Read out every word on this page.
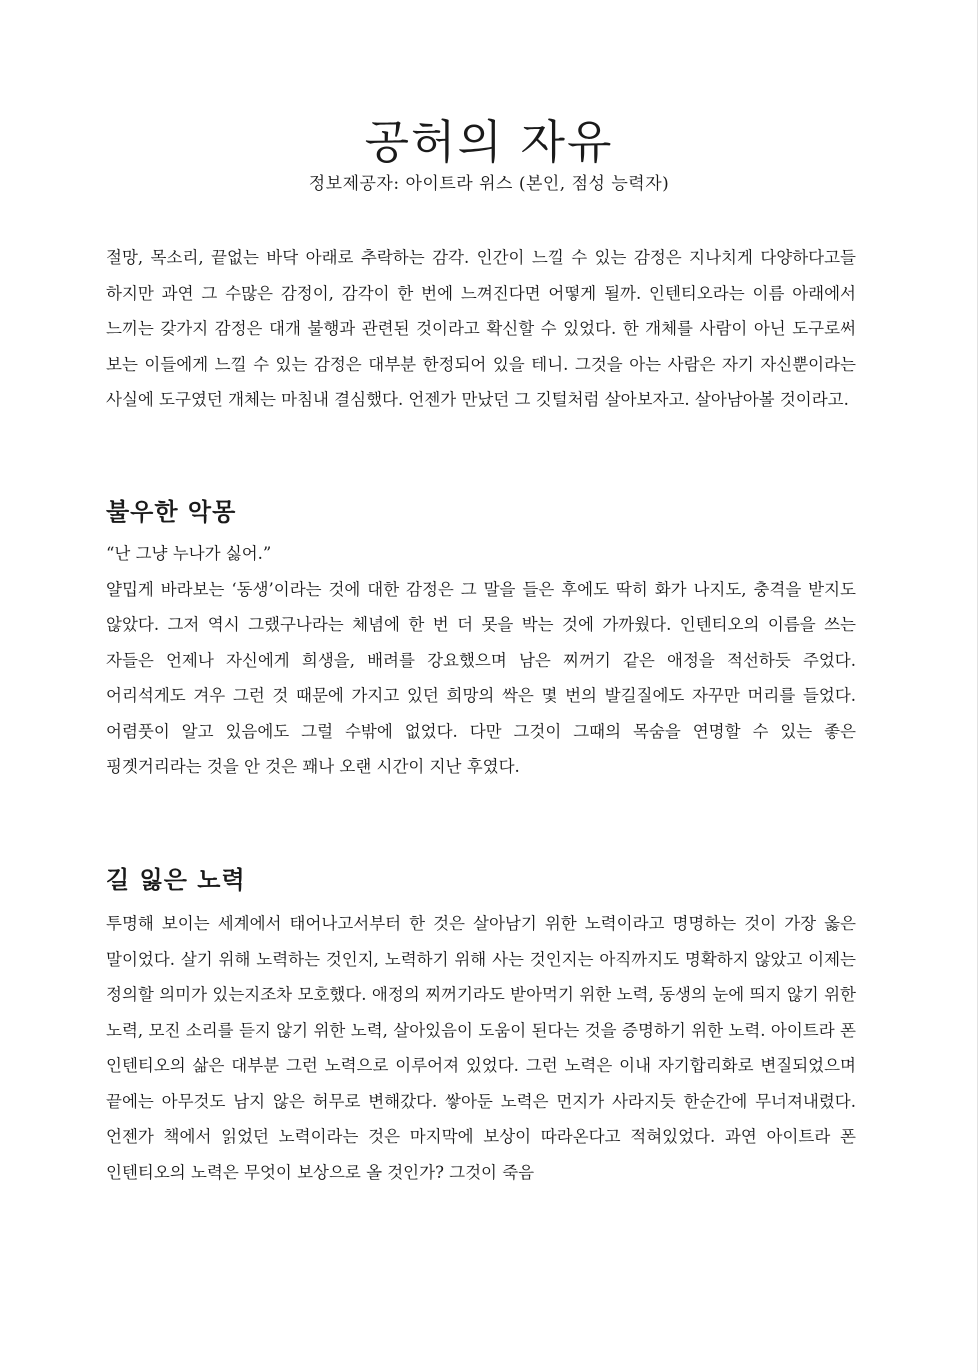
공허의 자유

정보제공자: 아이트라 위스 (본인, 점성 능력자)

절망, 목소리, 끝없는 바닥 아래로 추락하는 감각. 인간이 느낄 수 있는 감정은 지나치게 다양하다고들 하지만 과연 그 수많은 감정이, 감각이 한 번에 느껴진다면 어떻게 될까. 인텐티오라는 이름 아래에서 느끼는 갖가지 감정은 대개 불행과 관련된 것이라고 확신할 수 있었다. 한 개체를 사람이 아닌 도구로써 보는 이들에게 느낄 수 있는 감정은 대부분 한정되어 있을 테니. 그것을 아는 사람은 자기 자신뿐이라는 사실에 도구였던 개체는 마침내 결심했다. 언젠가 만났던 그 깃털처럼 살아보자고. 살아남아볼 것이라고.

불우한 악몽

“난 그냥 누나가 싫어.”

얄밉게 바라보는 ‘동생’이라는 것에 대한 감정은 그 말을 들은 후에도 딱히 화가 나지도, 충격을 받지도 않았다. 그저 역시 그랬구나라는 체념에 한 번 더 못을 박는 것에 가까웠다. 인텐티오의 이름을 쓰는 자들은 언제나 자신에게 희생을, 배려를 강요했으며 남은 찌꺼기 같은 애정을 적선하듯 주었다. 어리석게도 겨우 그런 것 때문에 가지고 있던 희망의 싹은 몇 번의 발길질에도 자꾸만 머리를 들었다. 어렴풋이 알고 있음에도 그럴 수밖에 없었다. 다만 그것이 그때의 목숨을 연명할 수 있는 좋은 핑곗거리라는 것을 안 것은 꽤나 오랜 시간이 지난 후였다.

길 잃은 노력

투명해 보이는 세계에서 태어나고서부터 한 것은 살아남기 위한 노력이라고 명명하는 것이 가장 옳은 말이었다. 살기 위해 노력하는 것인지, 노력하기 위해 사는 것인지는 아직까지도 명확하지 않았고 이제는 정의할 의미가 있는지조차 모호했다. 애정의 찌꺼기라도 받아먹기 위한 노력, 동생의 눈에 띄지 않기 위한 노력, 모진 소리를 듣지 않기 위한 노력, 살아있음이 도움이 된다는 것을 증명하기 위한 노력. 아이트라 폰 인텐티오의 삶은 대부분 그런 노력으로 이루어져 있었다. 그런 노력은 이내 자기합리화로 변질되었으며 끝에는 아무것도 남지 않은 허무로 변해갔다. 쌓아둔 노력은 먼지가 사라지듯 한순간에 무너져내렸다. 언젠가 책에서 읽었던 노력이라는 것은 마지막에 보상이 따라온다고 적혀있었다. 과연 아이트라 폰 인텐티오의 노력은 무엇이 보상으로 올 것인가? 그것이 죽음
